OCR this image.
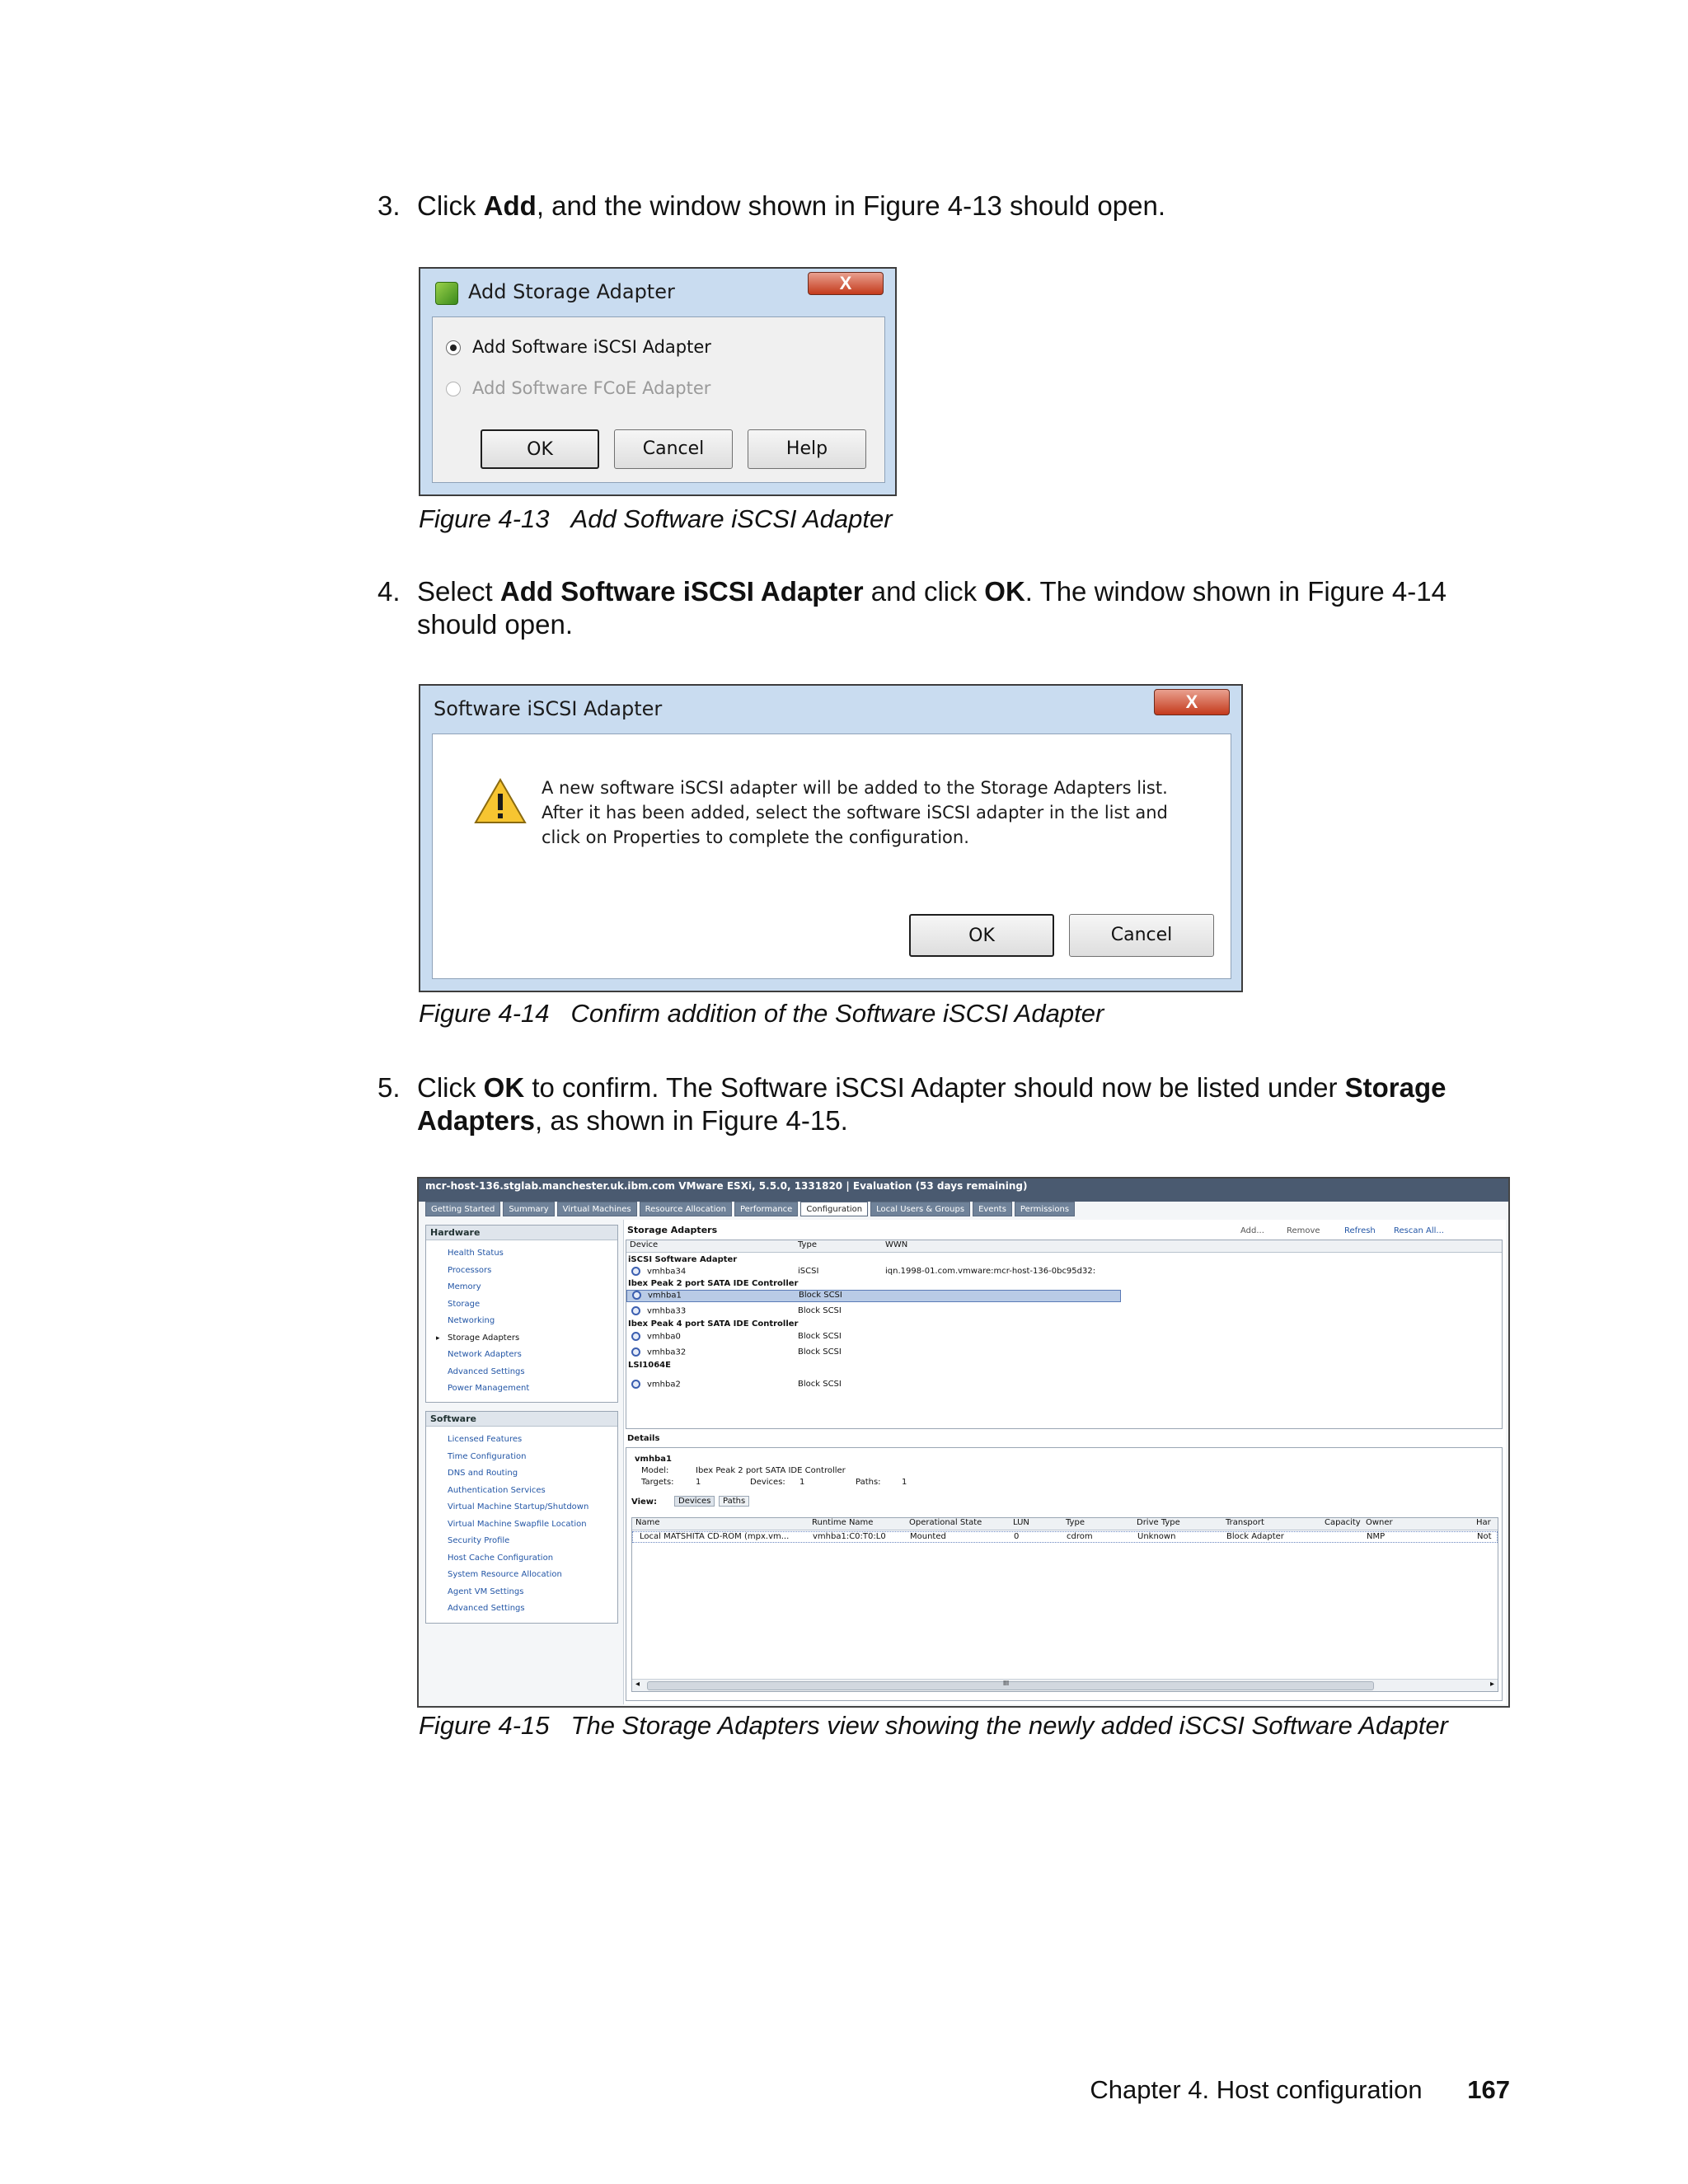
3. Click Add, and the window shown in Figure 4-13 should open.
Add Storage Adapter	X
Add Software iSCSI Adapter
Add Software FCoE Adapter
OK	Cancel	Help
Figure 4-13 Add Software iSCSI Adapter
4. Select Add Software iSCSI Adapter and click OK. The window shown in Figure 4-14 should open.
Software iSCSI Adapter	X
A new software iSCSI adapter will be added to the Storage Adapters list.
After it has been added, select the software iSCSI adapter in the list and
click on Properties to complete the configuration.
OK	Cancel
Figure 4-14 Confirm addition of the Software iSCSI Adapter
5. Click OK to confirm. The Software iSCSI Adapter should now be listed under Storage Adapters, as shown in Figure 4-15.
mcr-host-136.stglab.manchester.uk.ibm.com VMware ESXi, 5.5.0, 1331820 | Evaluation (53 days remaining)
Getting Started	Summary	Virtual Machines	Resource Allocation	Performance	Configuration	Local Users & Groups	Events	Permissions
Hardware
Health Status
Processors
Memory
Storage
Networking
▸ Storage Adapters
Network Adapters
Advanced Settings
Power Management
Software
Licensed Features
Time Configuration
DNS and Routing
Authentication Services
Virtual Machine Startup/Shutdown
Virtual Machine Swapfile Location
Security Profile
Host Cache Configuration
System Resource Allocation
Agent VM Settings
Advanced Settings
Storage Adapters	Add...	Remove	Refresh Rescan All...
Device	Type	WWN
iSCSI Software Adapter
vmhba34	iSCSI	iqn.1998-01.com.vmware:mcr-host-136-0bc95d32:
Ibex Peak 2 port SATA IDE Controller
vmhba1	Block SCSI
vmhba33	Block SCSI
Ibex Peak 4 port SATA IDE Controller
vmhba0	Block SCSI
vmhba32	Block SCSI
LSI1064E
vmhba2	Block SCSI
Details
vmhba1
Model:	Ibex Peak 2 port SATA IDE Controller
Targets:	1	Devices: 1	Paths:	1
View:	Devices	Paths
Name	Runtime Name	Operational State	LUN	Type	Drive Type	Transport	Capacity Owner	Har
Local MATSHITA CD-ROM (mpx.vm...	vmhba1:C0:T0:L0	Mounted	0	cdrom	Unknown	Block Adapter	NMP	Not
◂	III	▸
Figure 4-15 The Storage Adapters view showing the newly added iSCSI Software Adapter
Chapter 4. Host configuration 167
